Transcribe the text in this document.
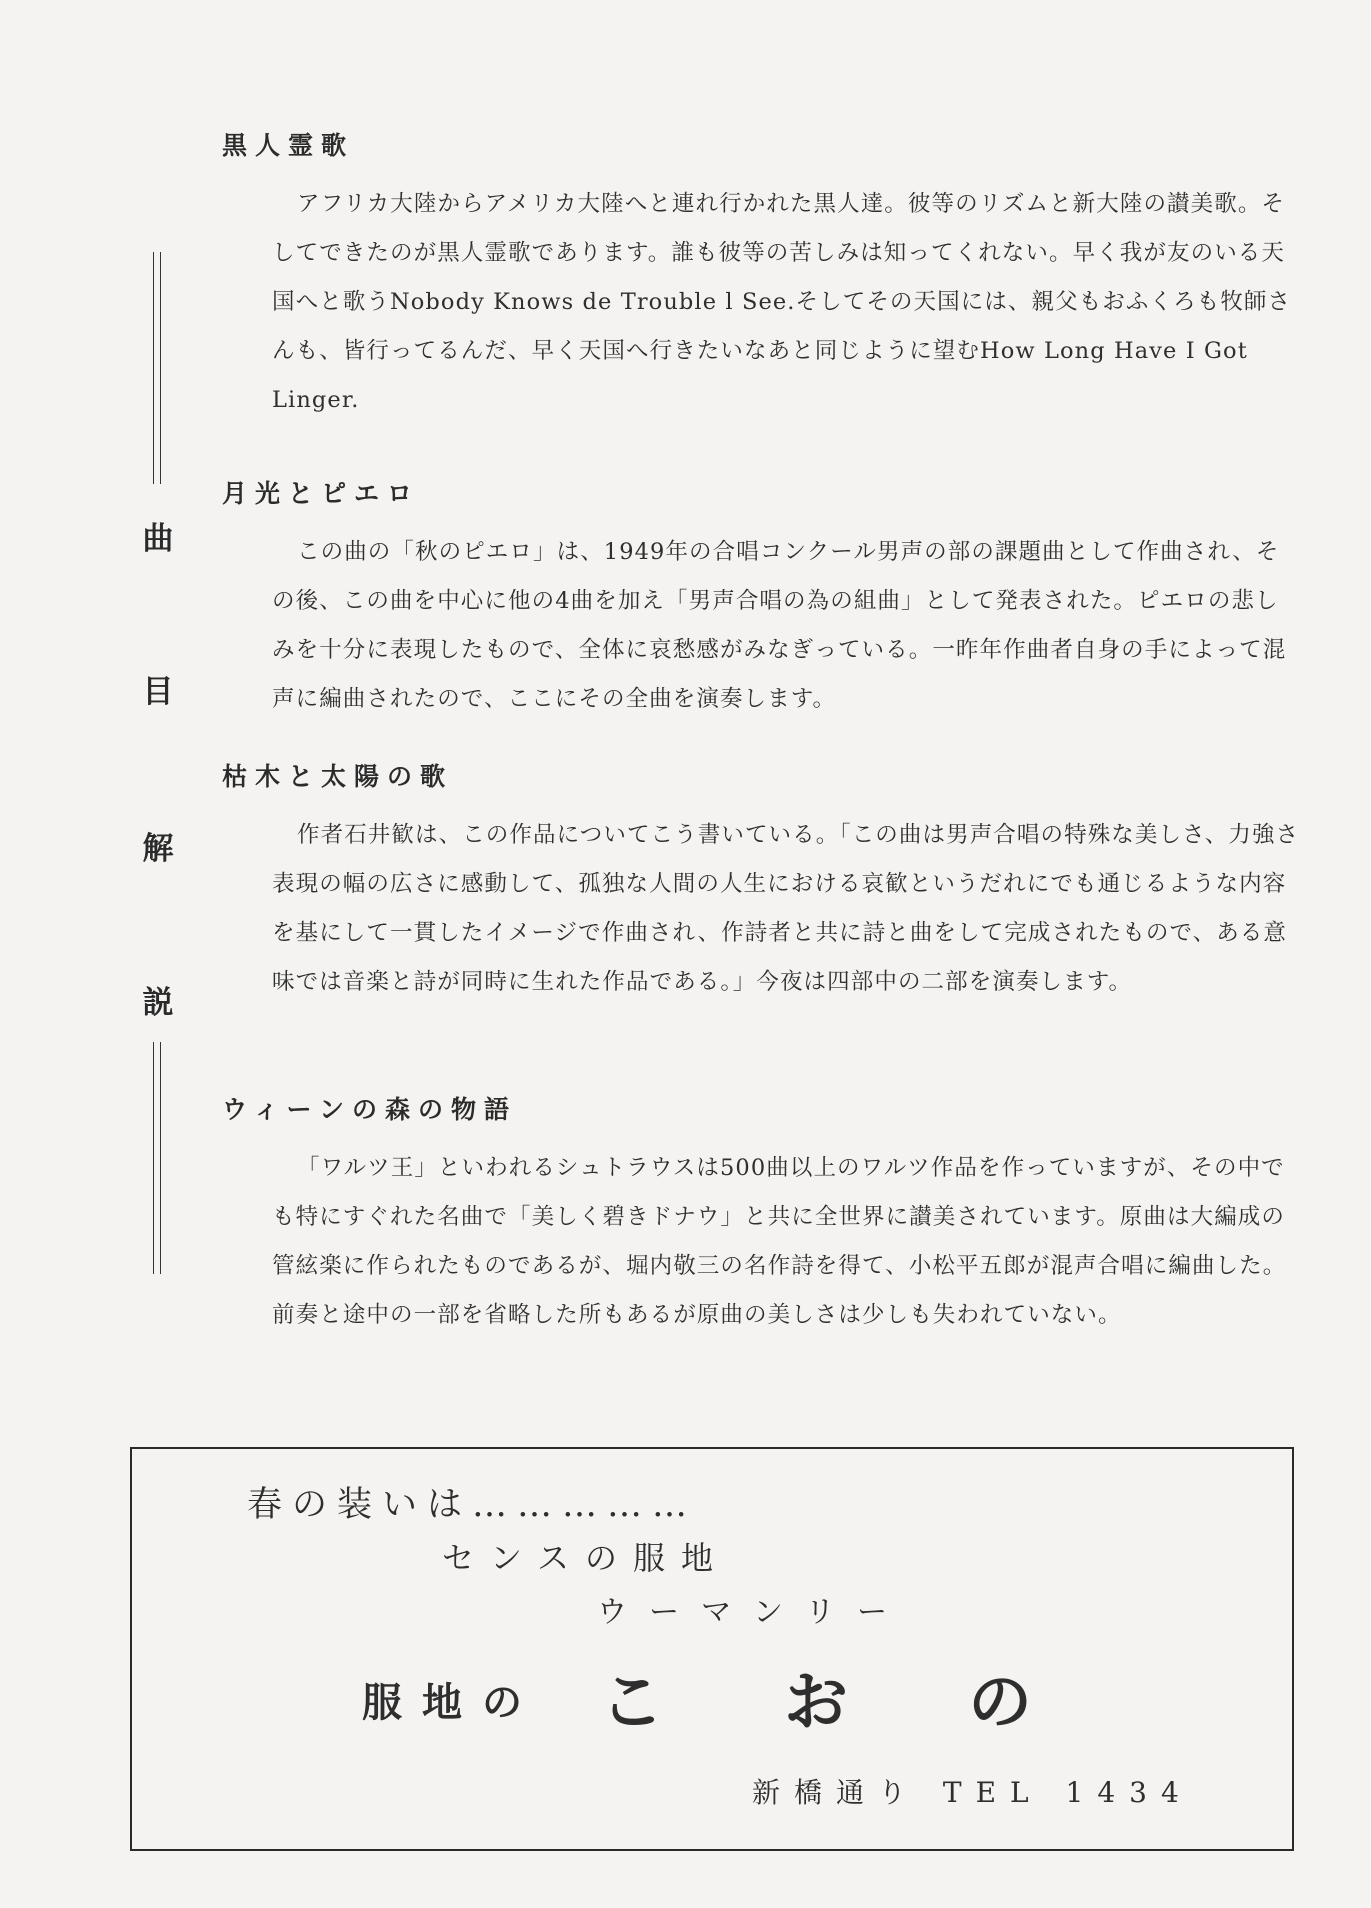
曲
目
解
説
黒人霊歌

アフリカ大陸からアメリカ大陸へと連れ行かれた黒人達。彼等のリズムと新大陸の讃美歌。そしてできたのが黒人霊歌であります。誰も彼等の苦しみは知ってくれない。早く我が友のいる天国へと歌うNobody Knows de Trouble l See.そしてその天国には、親父もおふくろも牧師さんも、皆行ってるんだ、早く天国へ行きたいなあと同じように望むHow Long Have I Got Linger.

月光とピエロ

この曲の「秋のピエロ」は、1949年の合唱コンクール男声の部の課題曲として作曲され、その後、この曲を中心に他の4曲を加え「男声合唱の為の組曲」として発表された。ピエロの悲しみを十分に表現したもので、全体に哀愁感がみなぎっている。一昨年作曲者自身の手によって混声に編曲されたので、ここにその全曲を演奏します。

枯木と太陽の歌

作者石井歓は、この作品についてこう書いている。「この曲は男声合唱の特殊な美しさ、力強さ表現の幅の広さに感動して、孤独な人間の人生における哀歓というだれにでも通じるような内容を基にして一貫したイメージで作曲され、作詩者と共に詩と曲をして完成されたもので、ある意味では音楽と詩が同時に生れた作品である。」今夜は四部中の二部を演奏します。

ウィーンの森の物語

「ワルツ王」といわれるシュトラウスは500曲以上のワルツ作品を作っていますが、その中でも特にすぐれた名曲で「美しく碧きドナウ」と共に全世界に讃美されています。原曲は大編成の管絃楽に作られたものであるが、堀内敬三の名作詩を得て、小松平五郎が混声合唱に編曲した。前奏と途中の一部を省略した所もあるが原曲の美しさは少しも失われていない。

春の装いは……………
センスの服地
ウーマンリー
服地の こおの
新橋通り TEL 1434
